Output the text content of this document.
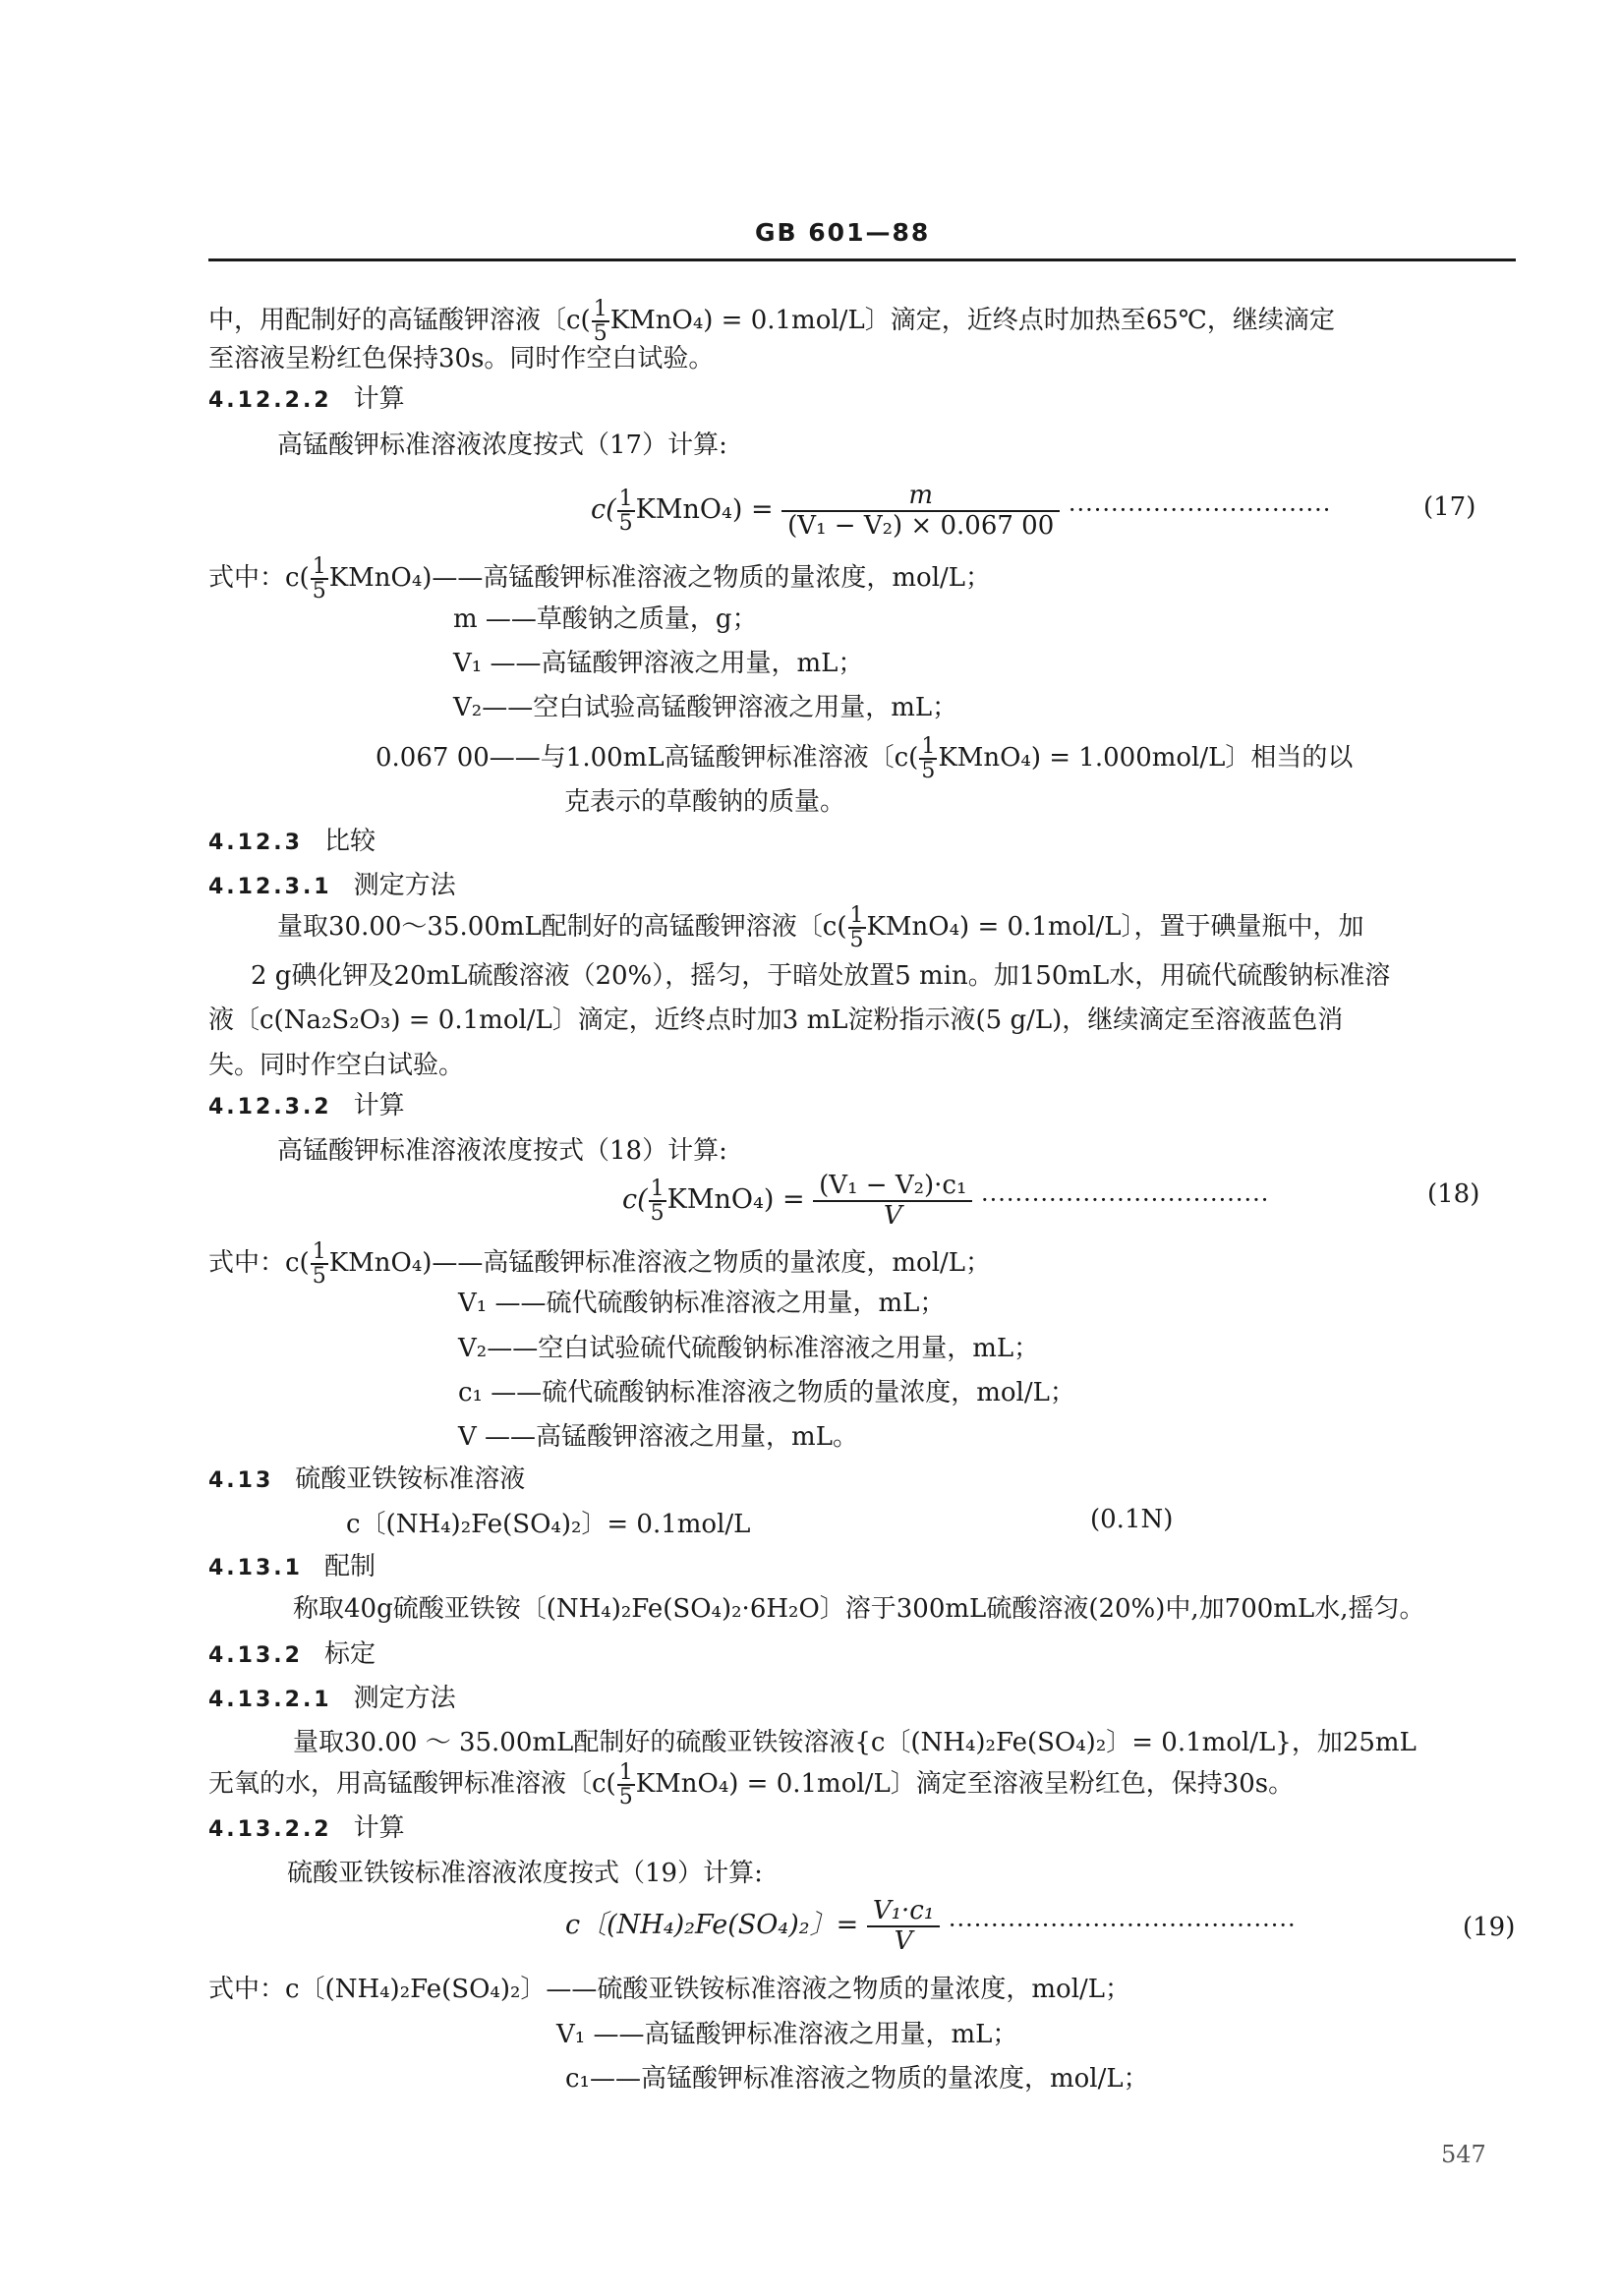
GB 601—88
中，用配制好的高锰酸钾溶液〔$c( \frac{1}{5}$ KMnO₄) = 0.1mol/L〕滴定，近终点时加热至65℃，继续滴定
至溶液呈粉红色保持30s。同时作空白试验。
4.12.2.2 计算
高锰酸钾标准溶液浓度按式（17）计算:
$c( \frac{1}{5}$ KMnO₄) = $\frac{m}{\text{(V₁ − V₂) × 0.067 00}}$ ·······························	(17)
式中：$c( \frac{1}{5}$ KMnO₄)——高锰酸钾标准溶液之物质的量浓度，mol/L；
m ——草酸钠之质量，g；
V₁ ——高锰酸钾溶液之用量，mL；
V₂——空白试验高锰酸钾溶液之用量，mL；
0.067 00——与1.00mL高锰酸钾标准溶液〔$c( \frac{1}{5}$ KMnO₄) = 1.000mol/L〕相当的以
克表示的草酸钠的质量。
4.12.3 比较
4.12.3.1 测定方法
量取30.00～35.00mL配制好的高锰酸钾溶液〔$c( \frac{1}{5}$ KMnO₄) = 0.1mol/L〕，置于碘量瓶中，加
2 g碘化钾及20mL硫酸溶液（20%），摇匀，于暗处放置5 min。加150mL水，用硫代硫酸钠标准溶
液〔c(Na₂S₂O₃) = 0.1mol/L〕滴定，近终点时加3 mL淀粉指示液(5 g/L)，继续滴定至溶液蓝色消
失。同时作空白试验。
4.12.3.2 计算
高锰酸钾标准溶液浓度按式（18）计算:
$c( \frac{1}{5}$ KMnO₄) = $\frac{\text{(V₁ − V₂)·c₁}}{V}$ ··································	(18)
式中：$c( \frac{1}{5}$ KMnO₄)——高锰酸钾标准溶液之物质的量浓度，mol/L；
V₁ ——硫代硫酸钠标准溶液之用量，mL；
V₂——空白试验硫代硫酸钠标准溶液之用量，mL；
c₁ ——硫代硫酸钠标准溶液之物质的量浓度，mol/L；
V ——高锰酸钾溶液之用量，mL。
4.13 硫酸亚铁铵标准溶液
c〔(NH₄)₂Fe(SO₄)₂〕= 0.1mol/L	(0.1N)
4.13.1 配制
称取40g硫酸亚铁铵〔(NH₄)₂Fe(SO₄)₂·6H₂O〕溶于300mL硫酸溶液(20%)中,加700mL水,摇匀。
4.13.2 标定
4.13.2.1 测定方法
量取30.00 ～ 35.00mL配制好的硫酸亚铁铵溶液{c〔(NH₄)₂Fe(SO₄)₂〕= 0.1mol/L}，加25mL
无氧的水，用高锰酸钾标准溶液〔$c( \frac{1}{5}$ KMnO₄) = 0.1mol/L〕滴定至溶液呈粉红色，保持30s。
4.13.2.2 计算
硫酸亚铁铵标准溶液浓度按式（19）计算:
c〔(NH₄)₂Fe(SO₄)₂〕= $\frac{\text{V₁·c₁}}{V}$ ·········································	(19)
式中：c〔(NH₄)₂Fe(SO₄)₂〕——硫酸亚铁铵标准溶液之物质的量浓度，mol/L；
V₁ ——高锰酸钾标准溶液之用量，mL；
c₁——高锰酸钾标准溶液之物质的量浓度，mol/L；
547
